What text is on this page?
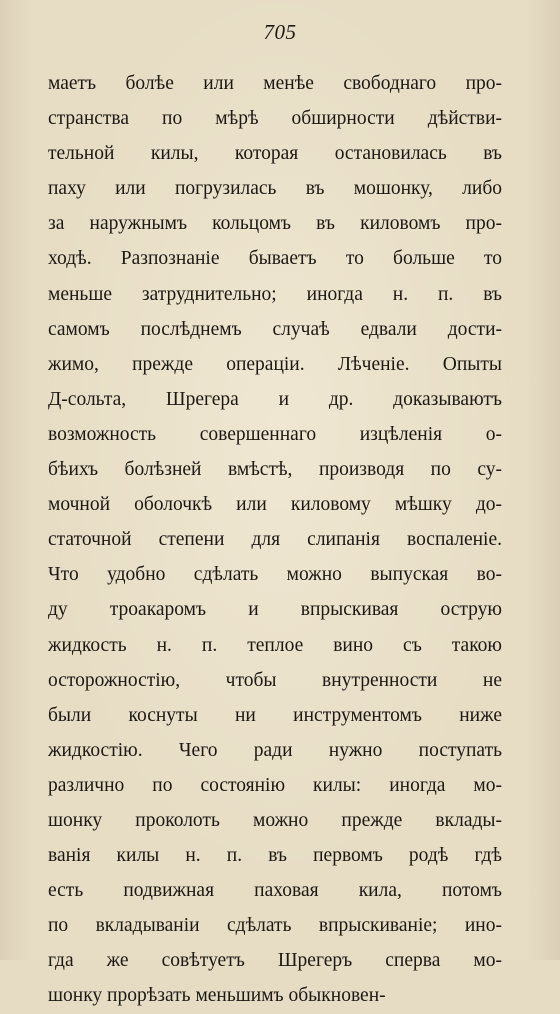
705
маетъ болѣе или менѣе свободнаго про-
странства по мѣрѣ обширности дѣйстви-
тельной килы, которая остановилась въ
паху или погрузилась въ мошонку, либо
за наружнымъ кольцомъ въ киловомъ про-
ходѣ. Разпознаніе бываетъ то больше то
меньше затруднительно; иногда н. п. въ
самомъ послѣднемъ случаѣ едвали дости-
жимо, прежде операціи. Лѣченіе. Опыты
Д-сольта, Шрегера и др. доказываютъ
возможность совершеннаго изцѣленія о-
бѣихъ болѣзней вмѣстѣ, производя по су-
мочной оболочкѣ или киловому мѣшку до-
статочной степени для слипанія воспаленіе.
Что удобно сдѣлать можно выпуская во-
ду троакаромъ и впрыскивая острую
жидкость н. п. теплое вино съ такою
осторожностію, чтобы внутренности не
были коснуты ни инструментомъ ниже
жидкостію. Чего ради нужно поступать
различно по состоянію килы: иногда мо-
шонку проколоть можно прежде вклады-
ванія килы н. п. въ первомъ родѣ гдѣ
есть подвижная паховая кила, потомъ
по вкладываніи сдѣлать впрыскиваніе; ино-
гда же совѣтуетъ Шрегеръ сперва мо-
шонку прорѣзать меньшимъ обыкновен-
